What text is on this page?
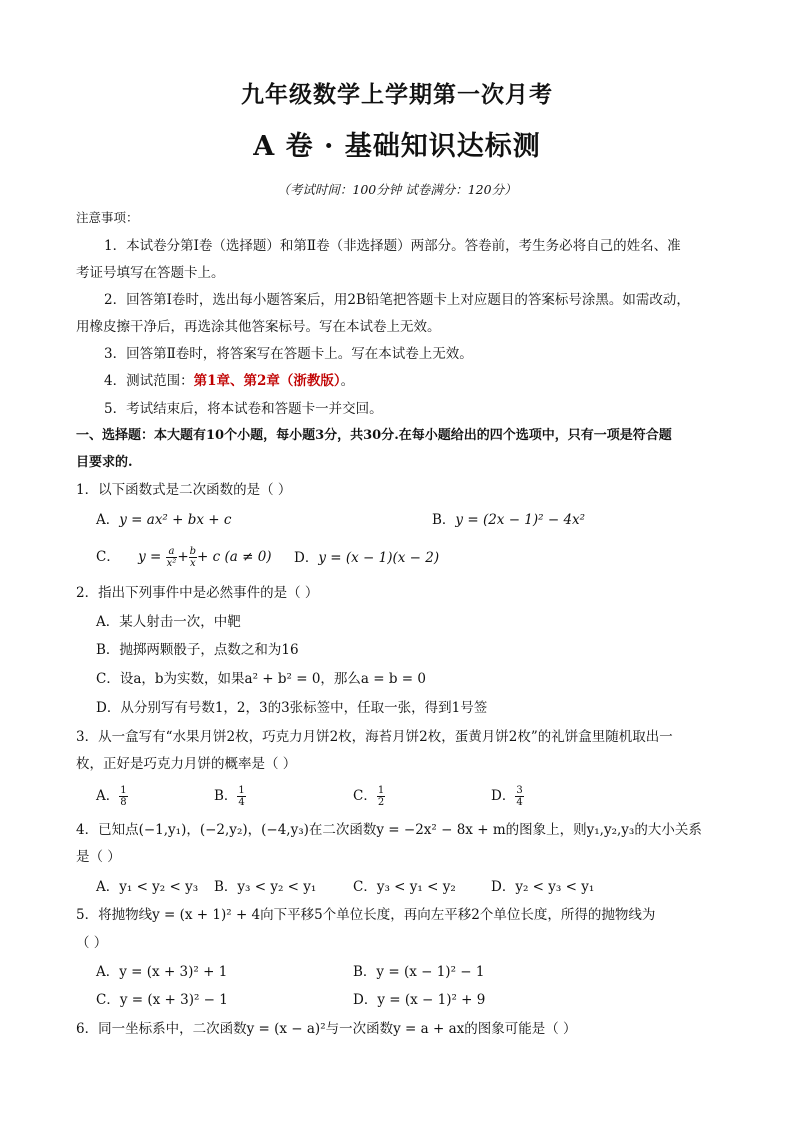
九年级数学上学期第一次月考
A 卷 · 基础知识达标测
（考试时间：100分钟 试卷满分：120分）
注意事项：
1．本试卷分第Ⅰ卷（选择题）和第Ⅱ卷（非选择题）两部分。答卷前，考生务必将自己的姓名、准
考证号填写在答题卡上。
2．回答第Ⅰ卷时，选出每小题答案后，用2B铅笔把答题卡上对应题目的答案标号涂黑。如需改动，
用橡皮擦干净后，再选涂其他答案标号。写在本试卷上无效。
3．回答第Ⅱ卷时，将答案写在答题卡上。写在本试卷上无效。
4．测试范围：第1章、第2章（浙教版）。
5．考试结束后，将本试卷和答题卡一并交回。
一、选择题：本大题有10个小题，每小题3分，共30分.在每小题给出的四个选项中，只有一项是符合题
目要求的.
1．以下函数式是二次函数的是（ ）
A．y = ax² + bx + c	B．y = (2x − 1)² − 4x²
C． $y = \frac{a}{\text{x²}} + \frac{b}{x} + c$ (a ≠ 0) D．y = (x − 1)(x − 2)
2．指出下列事件中是必然事件的是（ ）
A．某人射击一次，中靶
B．抛掷两颗骰子，点数之和为16
C．设a，b为实数，如果a² + b² = 0，那么a = b = 0
D．从分别写有号数1，2，3的3张标签中，任取一张，得到1号签
3．从一盒写有“水果月饼2枚，巧克力月饼2枚，海苔月饼2枚，蛋黄月饼2枚”的礼饼盒里随机取出一
枚，正好是巧克力月饼的概率是（ ）
A． $\frac{1}{8}$	B． $\frac{1}{4}$	C． $\frac{1}{2}$	D． $\frac{3}{4}$
4．已知点(−1,y₁)，(−2,y₂)，(−4,y₃)在二次函数y = −2x² − 8x + m的图象上，则y₁,y₂,y₃的大小关系
是（ ）
A．y₁ < y₂ < y₃ B．y₃ < y₂ < y₁	C．y₃ < y₁ < y₂	D．y₂ < y₃ < y₁
5．将抛物线y = (x + 1)² + 4向下平移5个单位长度，再向左平移2个单位长度，所得的抛物线为
（ ）
A．y = (x + 3)² + 1	B．y = (x − 1)² − 1
C．y = (x + 3)² − 1	D．y = (x − 1)² + 9
6．同一坐标系中，二次函数y = (x − a)²与一次函数y = a + ax的图象可能是（ ）
